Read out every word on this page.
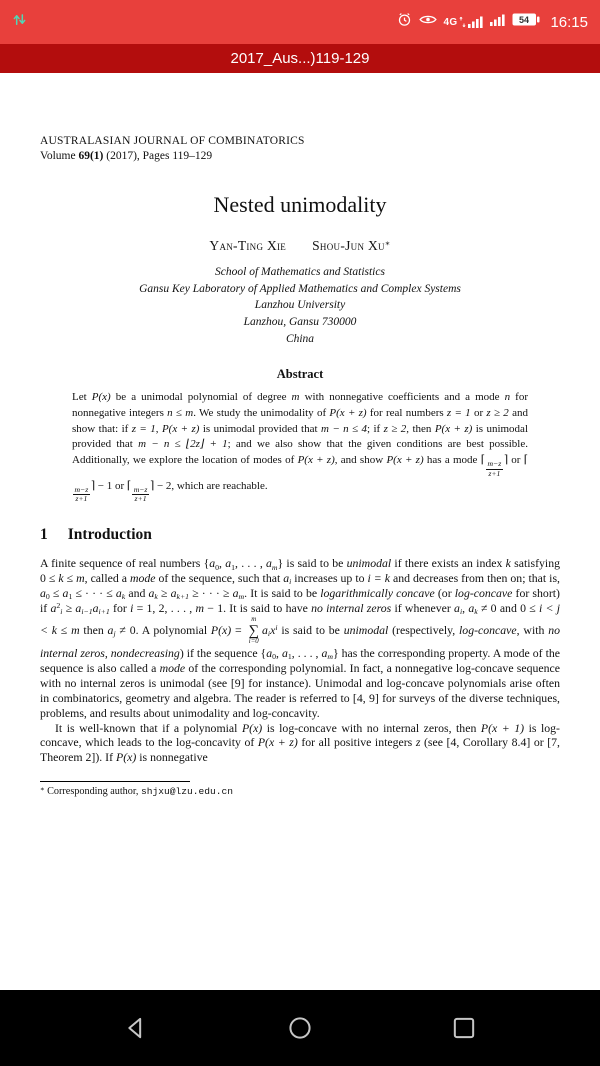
4G	54 16:15
2017_Aus...)119-129
AUSTRALASIAN JOURNAL OF COMBINATORICS
Volume 69(1) (2017), Pages 119–129
Nested unimodality
Yan-Ting Xie Shou-Jun Xu∗
School of Mathematics and Statistics
Gansu Key Laboratory of Applied Mathematics and Complex Systems
Lanzhou University
Lanzhou, Gansu 730000
China
Abstract
Let P(x) be a unimodal polynomial of degree m with nonnegative coefficients and a mode n for nonnegative integers n ≤ m. We study the unimodality of P(x + z) for real numbers z = 1 or z ≥ 2 and show that: if z = 1, P(x + z) is unimodal provided that m − n ≤ 4; if z ≥ 2, then P(x + z) is unimodal provided that m − n ≤ ⌊2z⌋ + 1; and we also show that the given conditions are best possible. Additionally, we explore the location of modes of P(x + z), and show P(x + z) has a mode ⌈
$\frac{m-z}{z+1}$
⌉ or ⌈
$\frac{m-z}{z+1}$
⌉ − 1 or ⌈
$\frac{m-z}{z+1}$
⌉ − 2, which are reachable.
1 Introduction
A finite sequence of real numbers {$a_0$, $a_1$, . . . , $a_m$} is said to be unimodal if there exists an index k satisfying 0 ≤ k ≤ m, called a mode of the sequence, such that $a_i$ increases up to i = k and decreases from then on; that is, $a_0 \le a_1$ ≤ · · · ≤ $a_k$ and $a_k \ge a_{k+1}$ ≥ · · · ≥ $a_m$. It is said to be logarithmically concave (or log-concave for short) if $a^2_i \ge a_{i-1}a_{i+1}$ for i = 1, 2, . . . , m − 1. It is said to have no internal zeros if whenever $a_i$, $a_k \ne 0$ and 0 ≤ i < j < k ≤ m then $a_j \ne 0$. A polynomial P(x) =
m
∑
i=0
$a_ix^i$ is said to be unimodal (respectively, log-concave, with no internal zeros, nondecreasing) if the sequence {$a_0$, $a_1$, . . . , $a_m$} has the corresponding property. A mode of the sequence is also called a mode of the corresponding polynomial. In fact, a nonnegative log-concave sequence with no internal zeros is unimodal (see [9] for instance). Unimodal and log-concave polynomials arise often in combinatorics, geometry and algebra. The reader is referred to [4, 9] for surveys of the diverse techniques, problems, and results about unimodality and log-concavity.
It is well-known that if a polynomial P(x) is log-concave with no internal zeros, then P(x + 1) is log-concave, which leads to the log-concavity of P(x + z) for all positive integers z (see [4, Corollary 8.4] or [7, Theorem 2]). If P(x) is nonnegative
∗ Corresponding author, shjxu@lzu.edu.cn
